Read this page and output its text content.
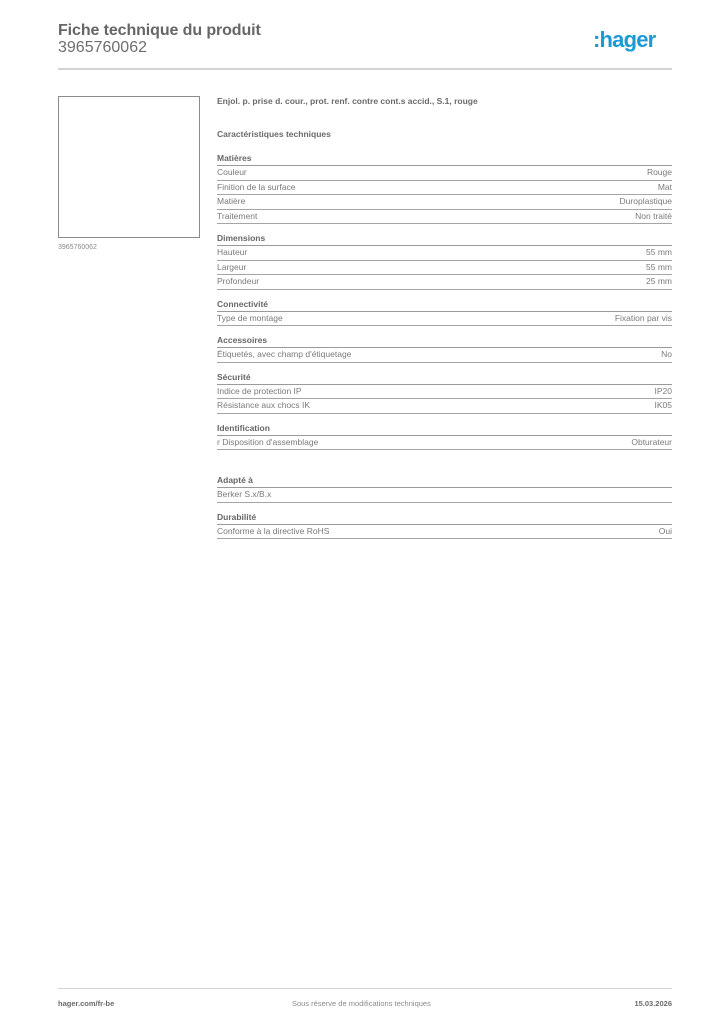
Fiche technique du produit
3965760062	:hager
3965760062
Enjol. p. prise d. cour., prot. renf. contre cont.s accid., S.1, rouge
Caractéristiques techniques
Matières
Couleur	Rouge
Finition de la surface	Mat
Matière	Duroplastique
Traitement	Non traité
Dimensions
Hauteur	55 mm
Largeur	55 mm
Profondeur	25 mm
Connectivité
Type de montage	Fixation par vis
Accessoires
Étiquetés, avec champ d'étiquetage	No
Sécurité
Indice de protection IP	IP20
Résistance aux chocs IK	IK05
Identification
r Disposition d'assemblage	Obturateur
Adapté à
Berker S.x/B.x
Durabilité
Conforme à la directive RoHS	Oui
hager.com/fr-be	Sous réserve de modifications techniques	15.03.2026
